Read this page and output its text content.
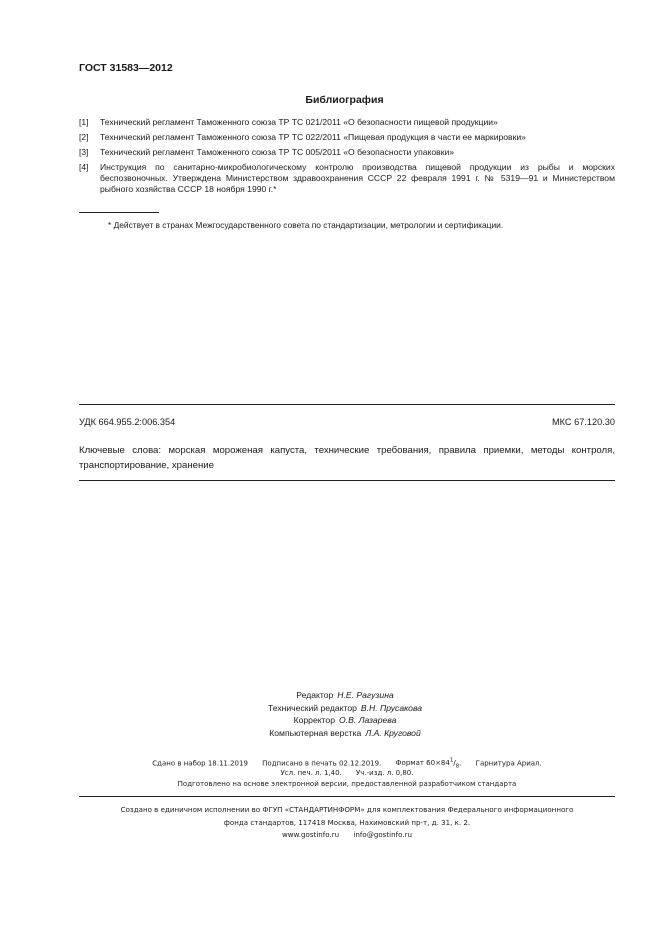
ГОСТ 31583—2012
Библиография
[1]	Технический регламент Таможенного союза ТР ТС 021/2011 «О безопасности пищевой продукции»
[2]	Технический регламент Таможенного союза ТР ТС 022/2011 «Пищевая продукция в части ее маркировки»
[3]	Технический регламент Таможенного союза ТР ТС 005/2011 «О безопасности упаковки»
[4]	Инструкция по санитарно-микробиологическому контролю производства пищевой продукции из рыбы и морских беспозвоночных. Утверждена Министерством здравоохранения СССР 22 февраля 1991 г. № 5319—91 и Министерством рыбного хозяйства СССР 18 ноября 1990 г.*
* Действует в странах Межгосударственного совета по стандартизации, метрологии и сертификации.
УДК 664.955.2:006.354	МКС 67.120.30
Ключевые слова: морская мороженая капуста, технические требования, правила приемки, методы контроля, транспортирование, хранение
Редактор Н.Е. Рагузина
Технический редактор В.Н. Прусакова
Корректор О.В. Лазарева
Компьютерная верстка Л.А. Круговой
Сдано в набор 18.11.2019 Подписано в печать 02.12.2019. Формат $60\times 84^1/_8$. Гарнитура Ариал.
Усл. печ. л. 1,40. Уч.-изд. л. 0,80.
Подготовлено на основе электронной версии, предоставленной разработчиком стандарта
Создано в единичном исполнении во ФГУП «СТАНДАРТИНФОРМ» для комплектования Федерального информационного
фонда стандартов, 117418 Москва, Нахимовский пр-т, д. 31, к. 2.
www.gostinfo.ru info@gostinfo.ru
